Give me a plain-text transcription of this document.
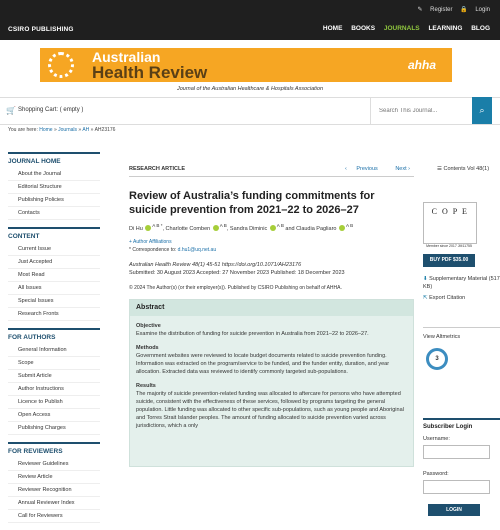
✎ Register 🔒 Login
CSIRO PUBLISHING	HOME BOOKS JOURNALS LEARNING BLOG
Australian
Health Review	ahha
Journal of the Australian Healthcare & Hospitals Association
🛒 Shopping Cart: ( empty )
Search This Journal...	⌕
You are here: Home » Journals » AH » AH23176
JOURNAL HOME
About the Journal
Editorial Structure
Publishing Policies
Contacts
CONTENT
Current Issue
Just Accepted
Most Read
All Issues
Special Issues
Research Fronts
FOR AUTHORS
General Information
Scope
Submit Article
Author Instructions
Licence to Publish
Open Access
Publishing Charges
FOR REVIEWERS
Reviewer Guidelines
Review Article
Reviewer Recognition
Annual Reviewer Index
Call for Reviewers
RESEARCH ARTICLE	‹ Previous	Next ›
Review of Australia’s funding commitments for suicide prevention from 2021–22 to 2026–27
Di Hu $^{A B *}$, Charlotte Comben $^{A B}$, Sandra Diminic $^{A B}$ and Claudia Pagliaro $^{A B}$
+ Author Affiliations
* Correspondence to: d.hu1@uq.net.au
Australian Health Review 48(1) 45-51 https://doi.org/10.1071/AH23176
Submitted: 30 August 2023 Accepted: 27 November 2023 Published: 18 December 2023
© 2024 The Author(s) (or their employer(s)). Published by CSIRO Publishing on behalf of AHHA.
Abstract
Objective
Examine the distribution of funding for suicide prevention in Australia from 2021–22 to 2026–27.
Methods
Government websites were reviewed to locate budget documents related to suicide prevention funding. Information was extracted on the program/service to be funded, and the funder entity, duration, and year allocation. Extracted data was reviewed to identify commonly targeted sub-populations.
Results
The majority of suicide prevention-related funding was allocated to aftercare for persons who have attempted suicide, consistent with the effectiveness of these services, followed by programs targeting the general population. Little funding was allocated to other specific sub-populations, such as young people and Aboriginal and Torres Strait Islander peoples. The amount of funding allocated to suicide prevention varied across jurisdictions, which a only
☰ Contents Vol 48(1)
C O P E
Member since 2017 JM11755
BUY PDF $35.00
⬇ Supplementary Material (517 KB)
⇱ Export Citation
View Altmetrics
3
Subscriber Login
Username:
Password:
LOGIN
